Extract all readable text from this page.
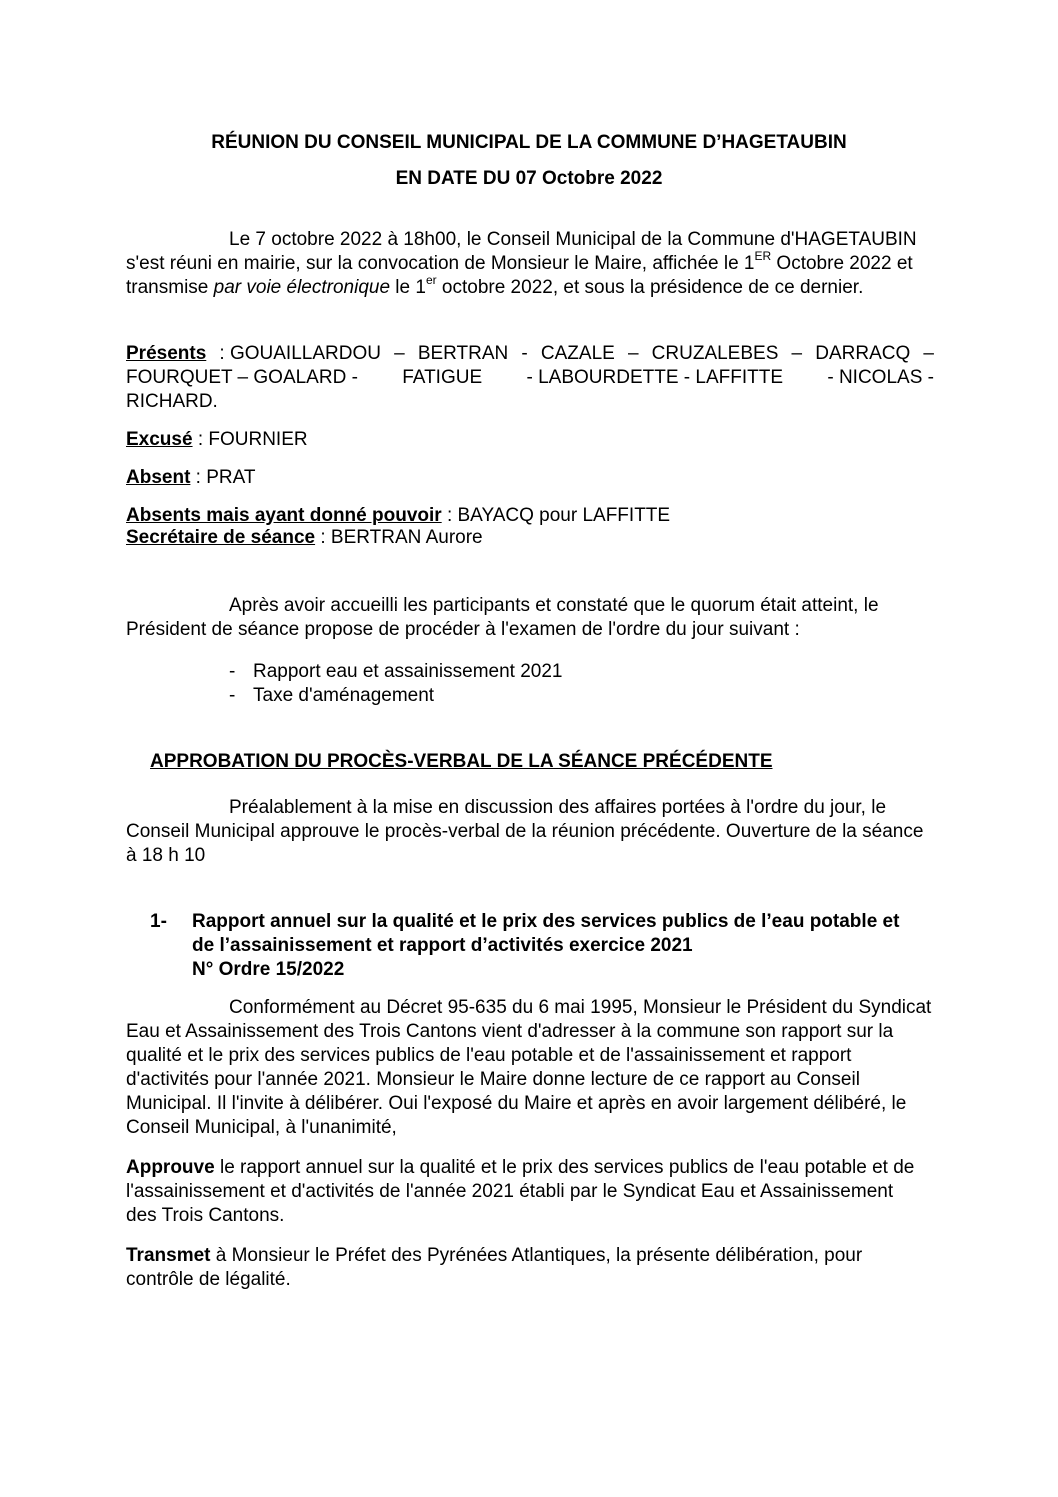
RÉUNION DU CONSEIL MUNICIPAL DE LA COMMUNE D’HAGETAUBIN
EN DATE DU 07 Octobre 2022
Le 7 octobre 2022 à 18h00, le Conseil Municipal de la Commune d'HAGETAUBIN
s'est réuni en mairie, sur la convocation de Monsieur le Maire, affichée le 1ER Octobre 2022 et
transmise par voie électronique le 1er octobre 2022, et sous la présidence de ce dernier.
Présents : GOUAILLARDOU – BERTRAN - CAZALE – CRUZALEBES – DARRACQ –
FOURQUET – GOALARD - FATIGUE - LABOURDETTE - LAFFITTE - NICOLAS -
RICHARD.
Excusé : FOURNIER
Absent : PRAT
Absents mais ayant donné pouvoir : BAYACQ pour LAFFITTE
Secrétaire de séance : BERTRAN Aurore
Après avoir accueilli les participants et constaté que le quorum était atteint, le
Président de séance propose de procéder à l'examen de l'ordre du jour suivant :
- Rapport eau et assainissement 2021
- Taxe d'aménagement
APPROBATION DU PROCÈS-VERBAL DE LA SÉANCE PRÉCÉDENTE
Préalablement à la mise en discussion des affaires portées à l'ordre du jour, le
Conseil Municipal approuve le procès-verbal de la réunion précédente. Ouverture de la séance
à 18 h 10
1- Rapport annuel sur la qualité et le prix des services publics de l’eau potable et
de l’assainissement et rapport d’activités exercice 2021
N° Ordre 15/2022
Conformément au Décret 95-635 du 6 mai 1995, Monsieur le Président du Syndicat
Eau et Assainissement des Trois Cantons vient d'adresser à la commune son rapport sur la
qualité et le prix des services publics de l'eau potable et de l'assainissement et rapport
d'activités pour l'année 2021. Monsieur le Maire donne lecture de ce rapport au Conseil
Municipal. Il l'invite à délibérer. Oui l'exposé du Maire et après en avoir largement délibéré, le
Conseil Municipal, à l'unanimité,
Approuve le rapport annuel sur la qualité et le prix des services publics de l'eau potable et de
l'assainissement et d'activités de l'année 2021 établi par le Syndicat Eau et Assainissement
des Trois Cantons.
Transmet à Monsieur le Préfet des Pyrénées Atlantiques, la présente délibération, pour
contrôle de légalité.
